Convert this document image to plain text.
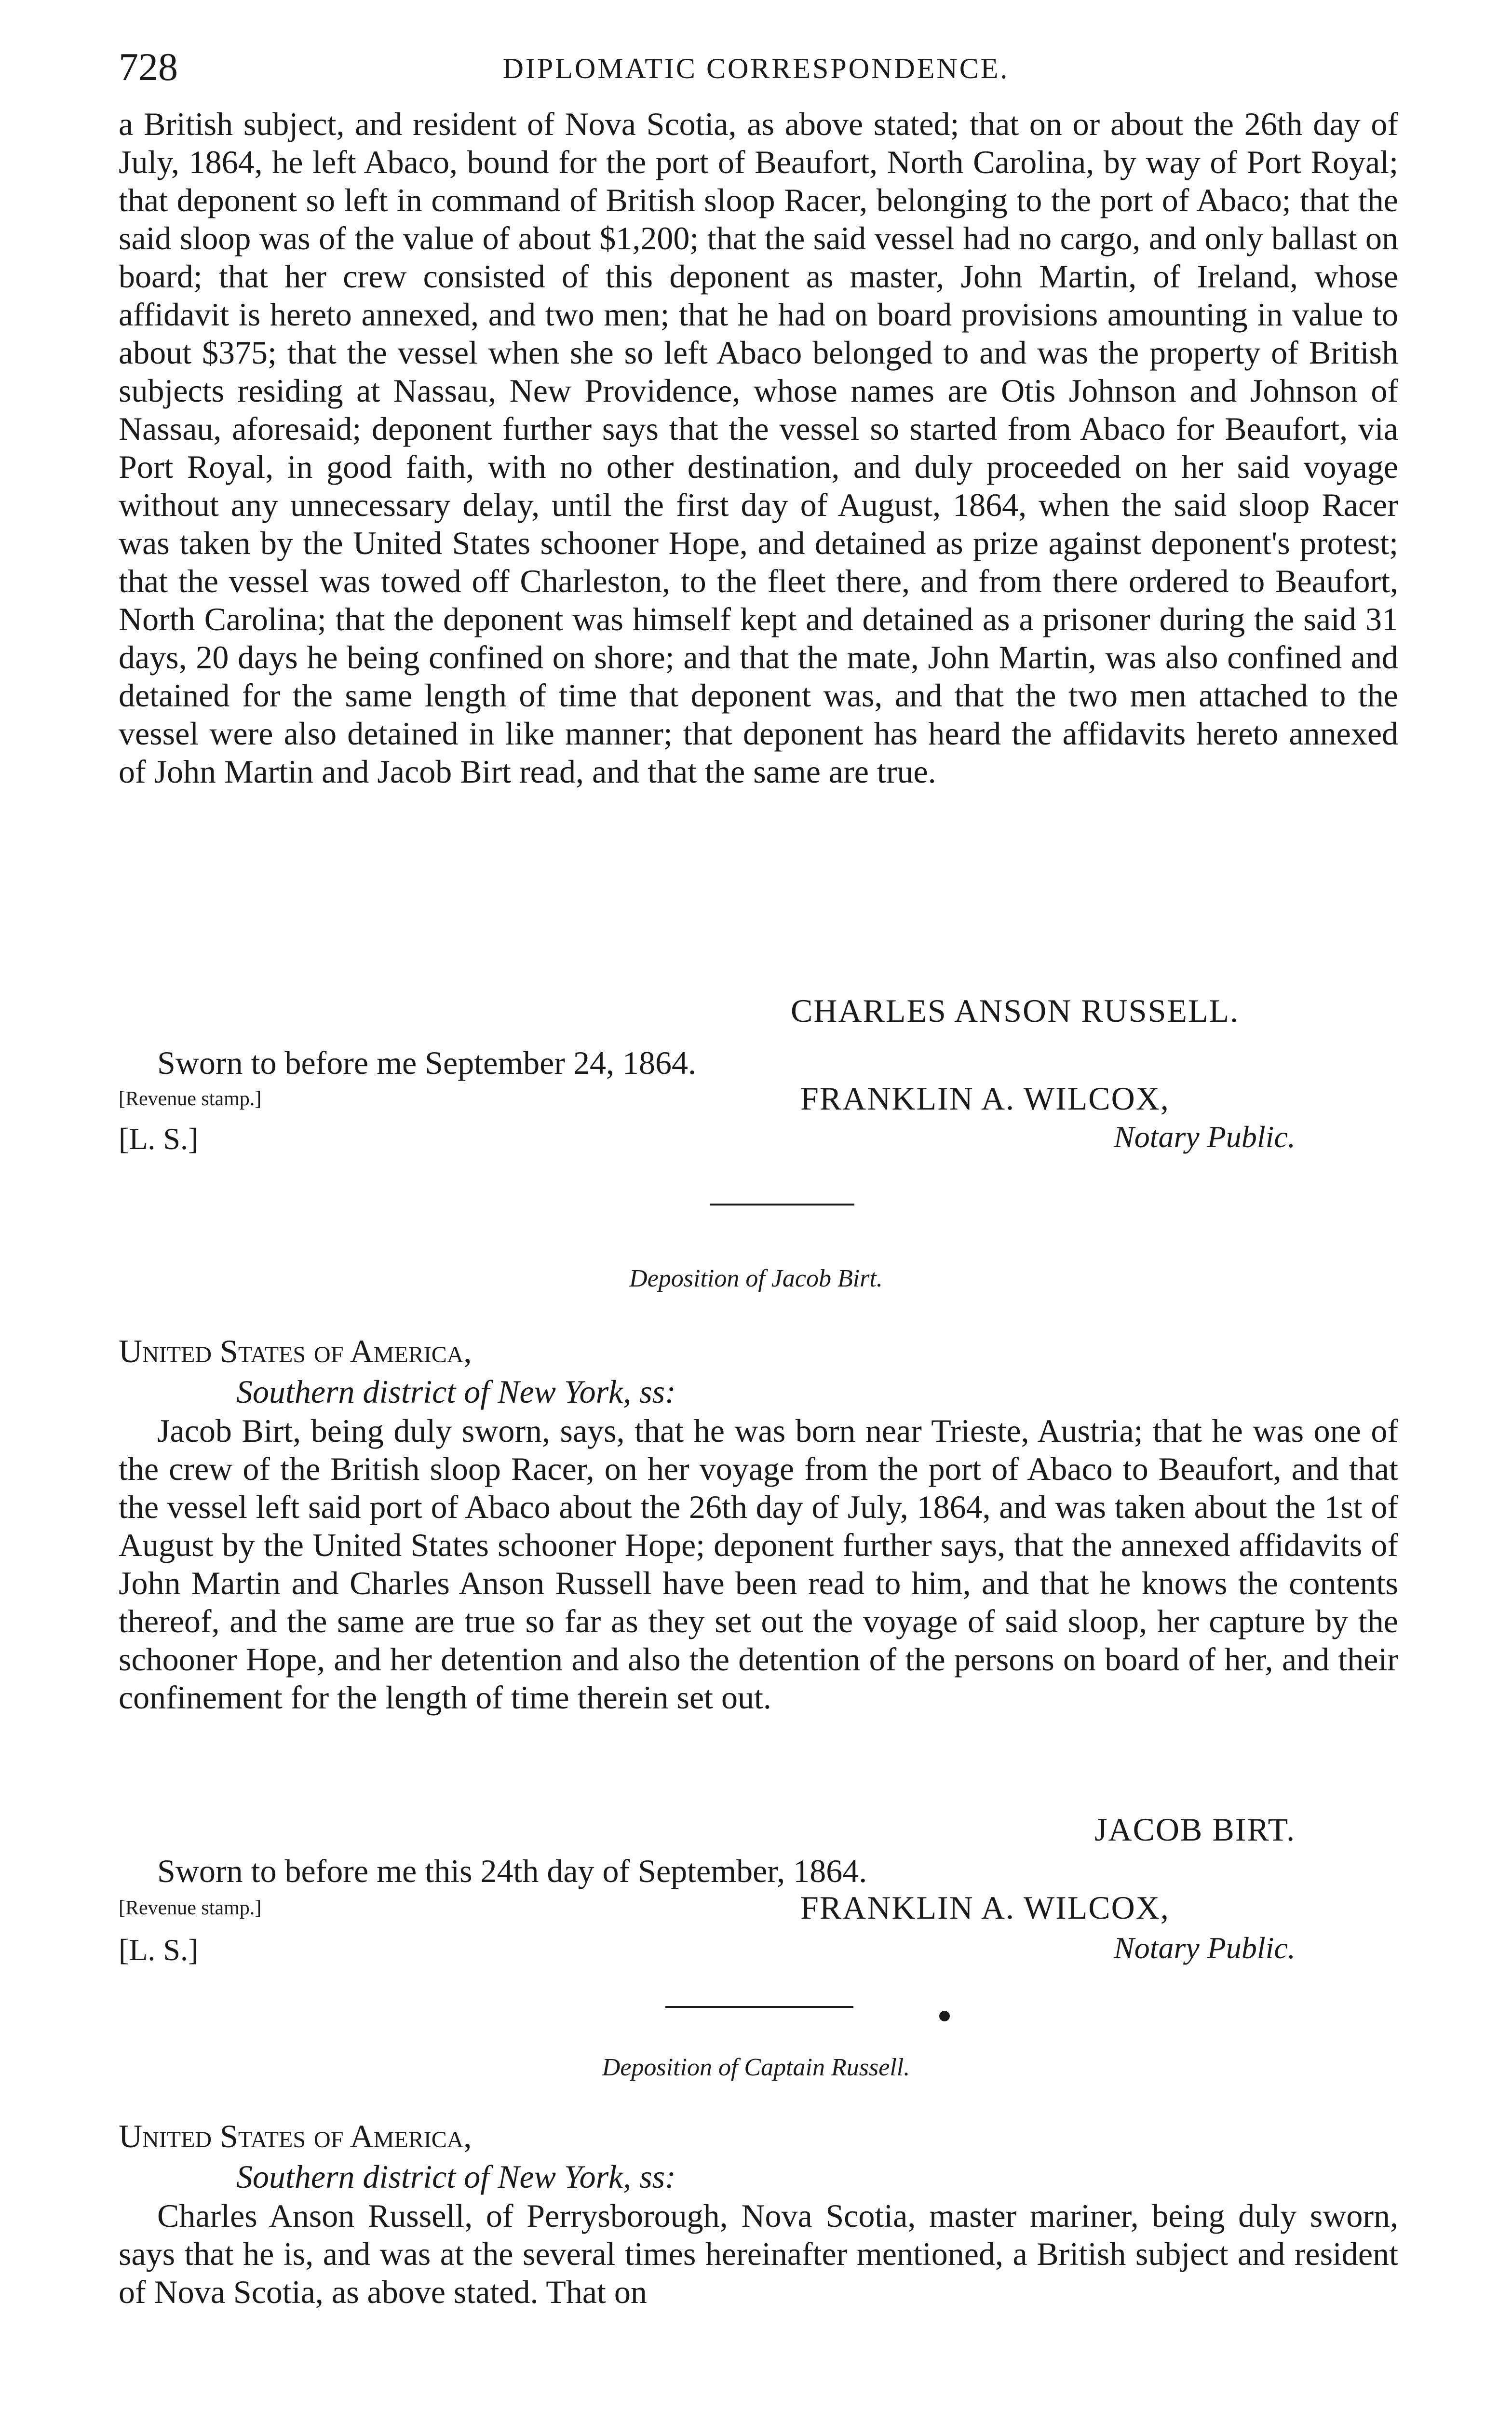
728	DIPLOMATIC CORRESPONDENCE.

a British subject, and resident of Nova Scotia, as above stated; that on or about the 26th day of July, 1864, he left Abaco, bound for the port of Beaufort, North Carolina, by way of Port Royal; that deponent so left in command of British sloop Racer, belonging to the port of Abaco; that the said sloop was of the value of about $1,200; that the said vessel had no cargo, and only ballast on board; that her crew consisted of this deponent as master, John Martin, of Ireland, whose affidavit is hereto annexed, and two men; that he had on board provisions amounting in value to about $375; that the vessel when she so left Abaco belonged to and was the property of British subjects residing at Nassau, New Providence, whose names are Otis Johnson and Johnson of Nassau, aforesaid; deponent further says that the vessel so started from Abaco for Beaufort, via Port Royal, in good faith, with no other destination, and duly proceeded on her said voyage without any unnecessary delay, until the first day of August, 1864, when the said sloop Racer was taken by the United States schooner Hope, and detained as prize against deponent's protest; that the vessel was towed off Charleston, to the fleet there, and from there ordered to Beaufort, North Carolina; that the deponent was himself kept and detained as a prisoner during the said 31 days, 20 days he being confined on shore; and that the mate, John Martin, was also confined and detained for the same length of time that deponent was, and that the two men attached to the vessel were also detained in like manner; that deponent has heard the affidavits hereto annexed of John Martin and Jacob Birt read, and that the same are true.

CHARLES ANSON RUSSELL.
Sworn to before me September 24, 1864.
[Revenue stamp.]	FRANKLIN A. WILCOX,
[L. S.]	Notary Public.
Deposition of Jacob Birt.
United States of America,
Southern district of New York, ss:

Jacob Birt, being duly sworn, says, that he was born near Trieste, Austria; that he was one of the crew of the British sloop Racer, on her voyage from the port of Abaco to Beaufort, and that the vessel left said port of Abaco about the 26th day of July, 1864, and was taken about the 1st of August by the United States schooner Hope; deponent further says, that the annexed affidavits of John Martin and Charles Anson Russell have been read to him, and that he knows the contents thereof, and the same are true so far as they set out the voyage of said sloop, her capture by the schooner Hope, and her detention and also the detention of the persons on board of her, and their confinement for the length of time therein set out.

JACOB BIRT.
Sworn to before me this 24th day of September, 1864.
[Revenue stamp.]	FRANKLIN A. WILCOX,
[L. S.]	Notary Public.
Deposition of Captain Russell.
United States of America,
Southern district of New York, ss:

Charles Anson Russell, of Perrysborough, Nova Scotia, master mariner, being duly sworn, says that he is, and was at the several times hereinafter mentioned, a British subject and resident of Nova Scotia, as above stated. That on
